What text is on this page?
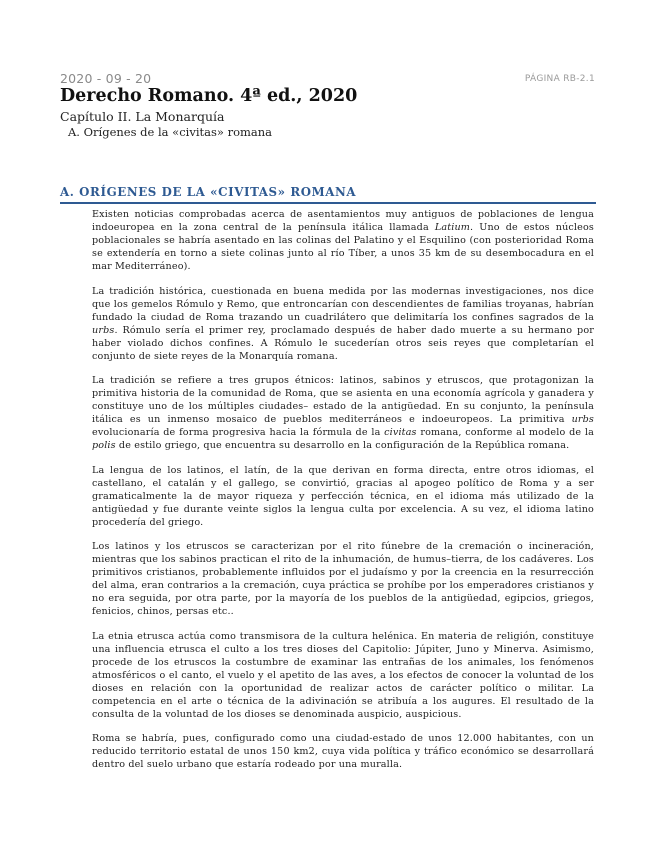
2020 - 09 - 20	PÁGINA RB-2.1
Derecho Romano. 4ª ed., 2020
Capítulo II. La Monarquía
A. Orígenes de la «civitas» romana
A. ORÍGENES DE LA «CIVITAS» ROMANA

Existen noticias comprobadas acerca de asentamientos muy antiguos de poblaciones de lengua indoeuropea en la zona central de la península itálica llamada Latium. Uno de estos núcleos poblacionales se habría asentado en las colinas del Palatino y el Esquilino (con posterioridad Roma se extendería en torno a siete colinas junto al río Tíber, a unos 35 km de su desembocadura en el mar Mediterráneo).

La tradición histórica, cuestionada en buena medida por las modernas investigaciones, nos dice que los gemelos Rómulo y Remo, que entroncarían con descendientes de familias troyanas, habrían fundado la ciudad de Roma trazando un cuadrilátero que delimitaría los confines sagrados de la urbs. Rómulo sería el primer rey, proclamado después de haber dado muerte a su hermano por haber violado dichos confines. A Rómulo le sucederían otros seis reyes que completarían el conjunto de siete reyes de la Monarquía romana.

La tradición se refiere a tres grupos étnicos: latinos, sabinos y etruscos, que protagonizan la primitiva historia de la comunidad de Roma, que se asienta en una economía agrícola y ganadera y constituye uno de los múltiples ciudades– estado de la antigüedad. En su conjunto, la península itálica es un inmenso mosaico de pueblos mediterráneos e indoeuropeos. La primitiva urbs evolucionaría de forma progresiva hacia la fórmula de la civitas romana, conforme al modelo de la polis de estilo griego, que encuentra su desarrollo en la configuración de la República romana.

La lengua de los latinos, el latín, de la que derivan en forma directa, entre otros idiomas, el castellano, el catalán y el gallego, se convirtió, gracias al apogeo político de Roma y a ser gramaticalmente la de mayor riqueza y perfección técnica, en el idioma más utilizado de la antigüedad y fue durante veinte siglos la lengua culta por excelencia. A su vez, el idioma latino procedería del griego.

Los latinos y los etruscos se caracterizan por el rito fúnebre de la cremación o incineración, mientras que los sabinos practican el rito de la inhumación, de humus–tierra, de los cadáveres. Los primitivos cristianos, probablemente influidos por el judaísmo y por la creencia en la resurrección del alma, eran contrarios a la cremación, cuya práctica se prohíbe por los emperadores cristianos y no era seguida, por otra parte, por la mayoría de los pueblos de la antigüedad, egipcios, griegos, fenicios, chinos, persas etc..

La etnia etrusca actúa como transmisora de la cultura helénica. En materia de religión, constituye una influencia etrusca el culto a los tres dioses del Capitolio: Júpiter, Juno y Minerva. Asimismo, procede de los etruscos la costumbre de examinar las entrañas de los animales, los fenómenos atmosféricos o el canto, el vuelo y el apetito de las aves, a los efectos de conocer la voluntad de los dioses en relación con la oportunidad de realizar actos de carácter político o militar. La competencia en el arte o técnica de la adivinación se atribuía a los augures. El resultado de la consulta de la voluntad de los dioses se denominada auspicio, auspicious.

Roma se habría, pues, configurado como una ciudad-estado de unos 12.000 habitantes, con un reducido territorio estatal de unos 150 km2, cuya vida política y tráfico económico se desarrollará dentro del suelo urbano que estaría rodeado por una muralla.
